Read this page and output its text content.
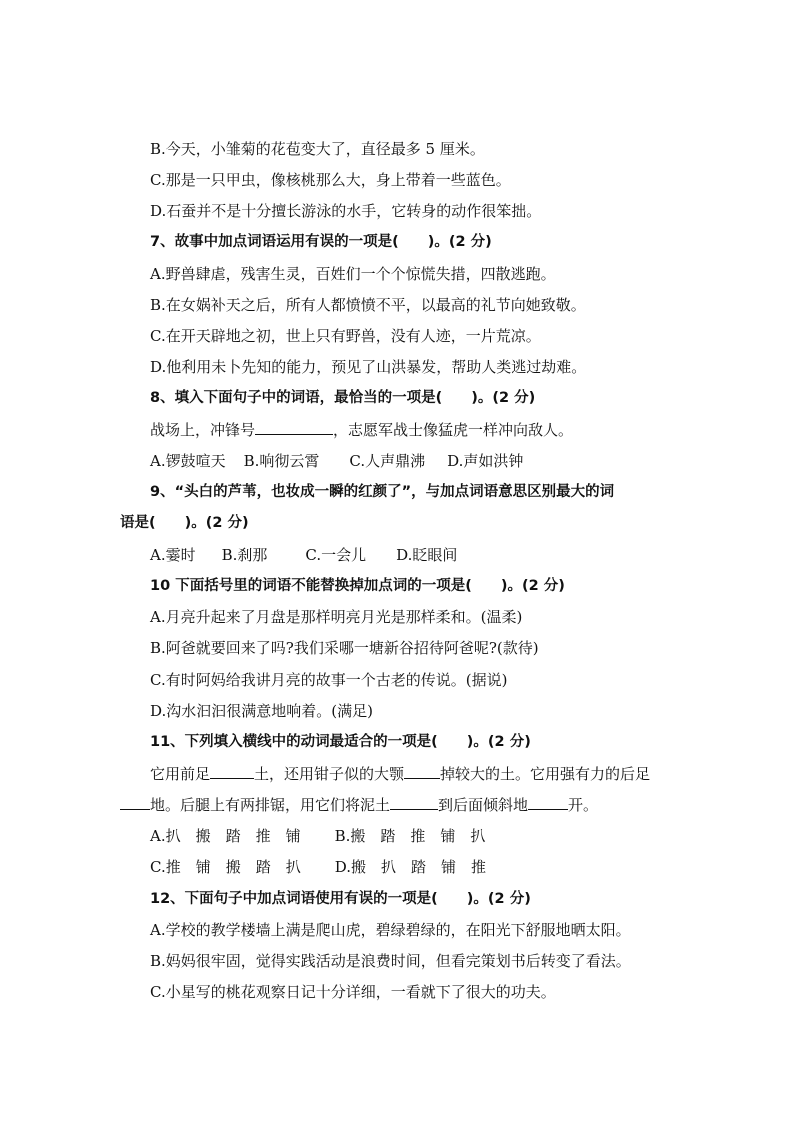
B.今天，小雏菊的花苞变大了，直径最多 5 厘米。
C.那是一只甲虫，像核桃那么大，身上带着一些蓝色。
D.石蚕并不是十分擅长游泳的水手，它转身的动作很笨拙。
7、故事中加点词语运用有误的一项是(　　)。(2 分)
A.野兽肆虐，残害生灵，百姓们一个个惊慌失措，四散逃跑。
B.在女娲补天之后，所有人都愤愤不平，以最高的礼节向她致敬。
C.在开天辟地之初，世上只有野兽，没有人迹，一片荒凉。
D.他利用未卜先知的能力，预见了山洪暴发，帮助人类逃过劫难。
8、填入下面句子中的词语，最恰当的一项是(　　)。(2 分)
战场上，冲锋号	，志愿军战士像猛虎一样冲向敌人。
A.锣鼓喧天 B.响彻云霄 C.人声鼎沸 D.声如洪钟
9、“头白的芦苇，也妆成一瞬的红颜了”，与加点词语意思区别最大的词
语是(　　)。(2 分)
A.霎时 B.刹那	C.一会儿 D.眨眼间
10 下面括号里的词语不能替换掉加点词的一项是(　　)。(2 分)
A.月亮升起来了月盘是那样明亮月光是那样柔和。(温柔)
B.阿爸就要回来了吗?我们采哪一塘新谷招待阿爸呢?(款待)
C.有时阿妈给我讲月亮的故事一个古老的传说。(据说)
D.沟水汩汩很满意地响着。(满足)
11、下列填入横线中的动词最适合的一项是(　　)。(2 分)
它用前足	土，还用钳子似的大颚 掉较大的土。它用强有力的后足
地。后腿上有两排锯，用它们将泥土	到后面倾斜地	开。
A.扒　搬　踏　推　铺 B.搬　踏　推　铺　扒
C.推　铺　搬　踏　扒 D.搬　扒　踏　铺　推
12、下面句子中加点词语使用有误的一项是(　　)。(2 分)
A.学校的教学楼墙上满是爬山虎，碧绿碧绿的，在阳光下舒服地晒太阳。
B.妈妈很牢固，觉得实践活动是浪费时间，但看完策划书后转变了看法。
C.小星写的桃花观察日记十分详细，一看就下了很大的功夫。
